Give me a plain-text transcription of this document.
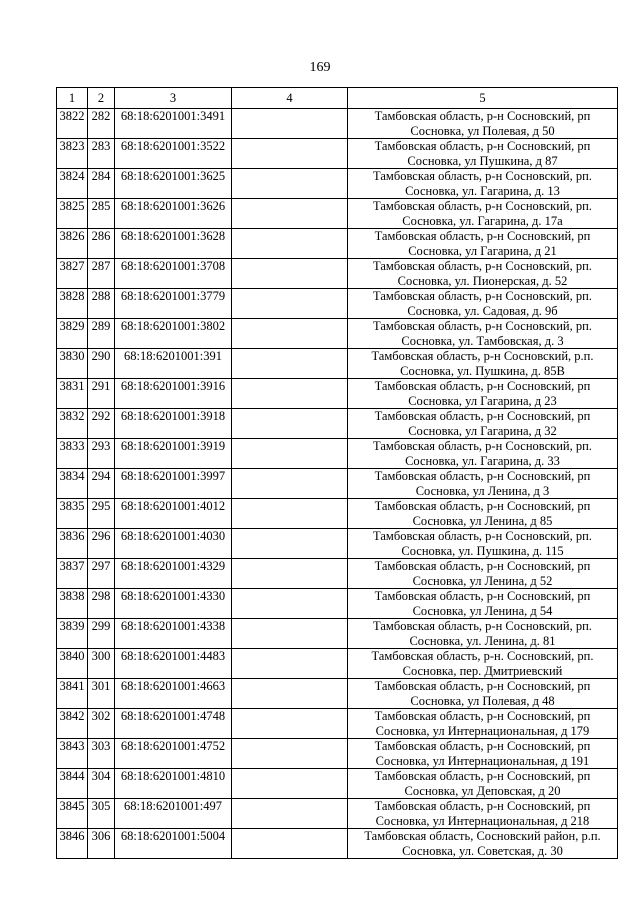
169
1	2	3	4	5
3822	282	68:18:6201001:3491		Тамбовская область, р-н Сосновский, рп
Сосновка, ул Полевая, д 50

3823	283	68:18:6201001:3522		Тамбовская область, р-н Сосновский, рп
Сосновка, ул Пушкина, д 87

3824	284	68:18:6201001:3625		Тамбовская область, р-н Сосновский, рп.
Сосновка, ул. Гагарина, д. 13

3825	285	68:18:6201001:3626		Тамбовская область, р-н Сосновский, рп.
Сосновка, ул. Гагарина, д. 17а

3826	286	68:18:6201001:3628		Тамбовская область, р-н Сосновский, рп
Сосновка, ул Гагарина, д 21

3827	287	68:18:6201001:3708		Тамбовская область, р-н Сосновский, рп.
Сосновка, ул. Пионерская, д. 52

3828	288	68:18:6201001:3779		Тамбовская область, р-н Сосновский, рп.
Сосновка, ул. Садовая, д. 9б

3829	289	68:18:6201001:3802		Тамбовская область, р-н Сосновский, рп.
Сосновка, ул. Тамбовская, д. 3

3830	290	68:18:6201001:391		Тамбовская область, р-н Сосновский, р.п.
Сосновка, ул. Пушкина, д. 85В

3831	291	68:18:6201001:3916		Тамбовская область, р-н Сосновский, рп
Сосновка, ул Гагарина, д 23

3832	292	68:18:6201001:3918		Тамбовская область, р-н Сосновский, рп
Сосновка, ул Гагарина, д 32

3833	293	68:18:6201001:3919		Тамбовская область, р-н Сосновский, рп.
Сосновка, ул. Гагарина, д. 33

3834	294	68:18:6201001:3997		Тамбовская область, р-н Сосновский, рп
Сосновка, ул Ленина, д 3

3835	295	68:18:6201001:4012		Тамбовская область, р-н Сосновский, рп
Сосновка, ул Ленина, д 85

3836	296	68:18:6201001:4030		Тамбовская область, р-н Сосновский, рп.
Сосновка, ул. Пушкина, д. 115

3837	297	68:18:6201001:4329		Тамбовская область, р-н Сосновский, рп
Сосновка, ул Ленина, д 52

3838	298	68:18:6201001:4330		Тамбовская область, р-н Сосновский, рп
Сосновка, ул Ленина, д 54

3839	299	68:18:6201001:4338		Тамбовская область, р-н Сосновский, рп.
Сосновка, ул. Ленина, д. 81

3840	300	68:18:6201001:4483		Тамбовская область, р-н. Сосновский, рп.
Сосновка, пер. Дмитриевский

3841	301	68:18:6201001:4663		Тамбовская область, р-н Сосновский, рп
Сосновка, ул Полевая, д 48

3842	302	68:18:6201001:4748		Тамбовская область, р-н Сосновский, рп
Сосновка, ул Интернациональная, д 179

3843	303	68:18:6201001:4752		Тамбовская область, р-н Сосновский, рп
Сосновка, ул Интернациональная, д 191

3844	304	68:18:6201001:4810		Тамбовская область, р-н Сосновский, рп
Сосновка, ул Деповская, д 20

3845	305	68:18:6201001:497		Тамбовская область, р-н Сосновский, рп
Сосновка, ул Интернациональная, д 218

3846	306	68:18:6201001:5004		Тамбовская область, Сосновский район, р.п.
Сосновка, ул. Советская, д. 30
